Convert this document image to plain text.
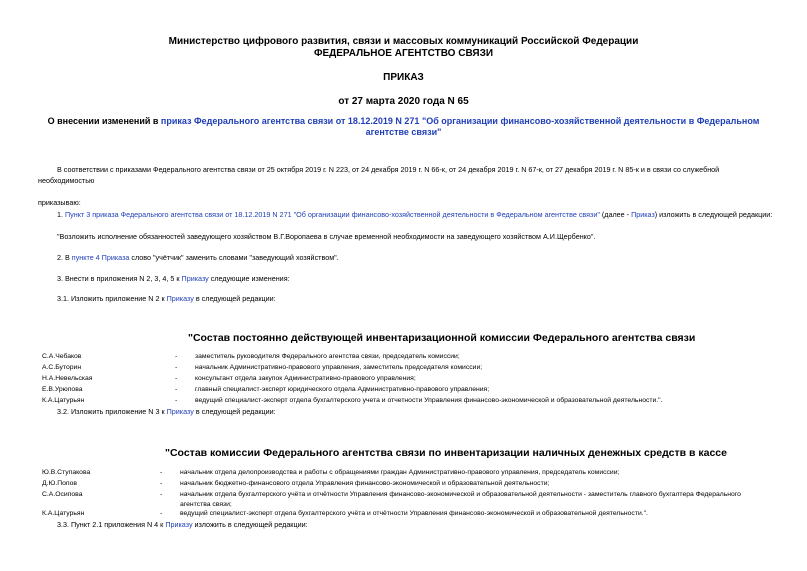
Министерство цифрового развития, связи и массовых коммуникаций Российской Федерации
ФЕДЕРАЛЬНОЕ АГЕНТСТВО СВЯЗИ
ПРИКАЗ
от 27 марта 2020 года N 65
О внесении изменений в приказ Федерального агентства связи от 18.12.2019 N 271 "Об организации финансово-хозяйственной деятельности в Федеральном
агентстве связи"
В соответствии с приказами Федерального агентства связи от 25 октября 2019 г. N 223, от 24 декабря 2019 г. N 66-к, от 24 декабря 2019 г. N 67-к, от 27 декабря 2019 г. N 85-к и в связи со служебной
необходимостью
приказываю:
1. Пункт 3 приказа Федерального агентства связи от 18.12.2019 N 271 "Об организации финансово-хозяйственной деятельности в Федеральном агентстве связи" (далее - Приказ) изложить в следующей редакции:
"Возложить исполнение обязанностей заведующего хозяйством В.Г.Воропаева в случае временной необходимости на заведующего хозяйством А.И.Щербенко".
2. В пункте 4 Приказа слово "учётчик" заменить словами "заведующий хозяйством".
3. Внести в приложения N 2, 3, 4, 5 к Приказу следующие изменения:
3.1. Изложить приложение N 2 к Приказу в следующей редакции:
"Состав постоянно действующей инвентаризационной комиссии Федерального агентства связи
С.А.Чебаков	-	заместитель руководителя Федерального агентства связи, председатель комиссии;
А.С.Буторин	-	начальник Административно-правового управления, заместитель председателя комиссии;
Н.А.Невельская	-	консультант отдела закупок Административно-правового управления;
Е.В.Урюпова	-	главный специалист-эксперт юридического отдела Административно-правового управления;
К.А.Цатурьян	-	ведущий специалист-эксперт отдела бухгалтерского учета и отчетности Управления финансово-экономической и образовательной деятельности.".
3.2. Изложить приложение N 3 к Приказу в следующей редакции:
"Состав комиссии Федерального агентства связи по инвентаризации наличных денежных средств в кассе
Ю.В.Ступакова	-	начальник отдела делопроизводства и работы с обращениями граждан Административно-правового управления, председатель комиссии;
Д.Ю.Попов	-	начальник бюджетно-финансового отдела Управления финансово-экономической и образовательной деятельности;
С.А.Осипова	-	начальник отдела бухгалтерского учёта и отчётности Управления финансово-экономической и образовательной деятельности - заместитель главного бухгалтера Федерального агентства связи;
К.А.Цатурьян	-	ведущий специалист-эксперт отдела бухгалтерского учёта и отчётности Управления финансово-экономической и образовательной деятельности.".
3.3. Пункт 2.1 приложения N 4 к Приказу изложить в следующей редакции:
